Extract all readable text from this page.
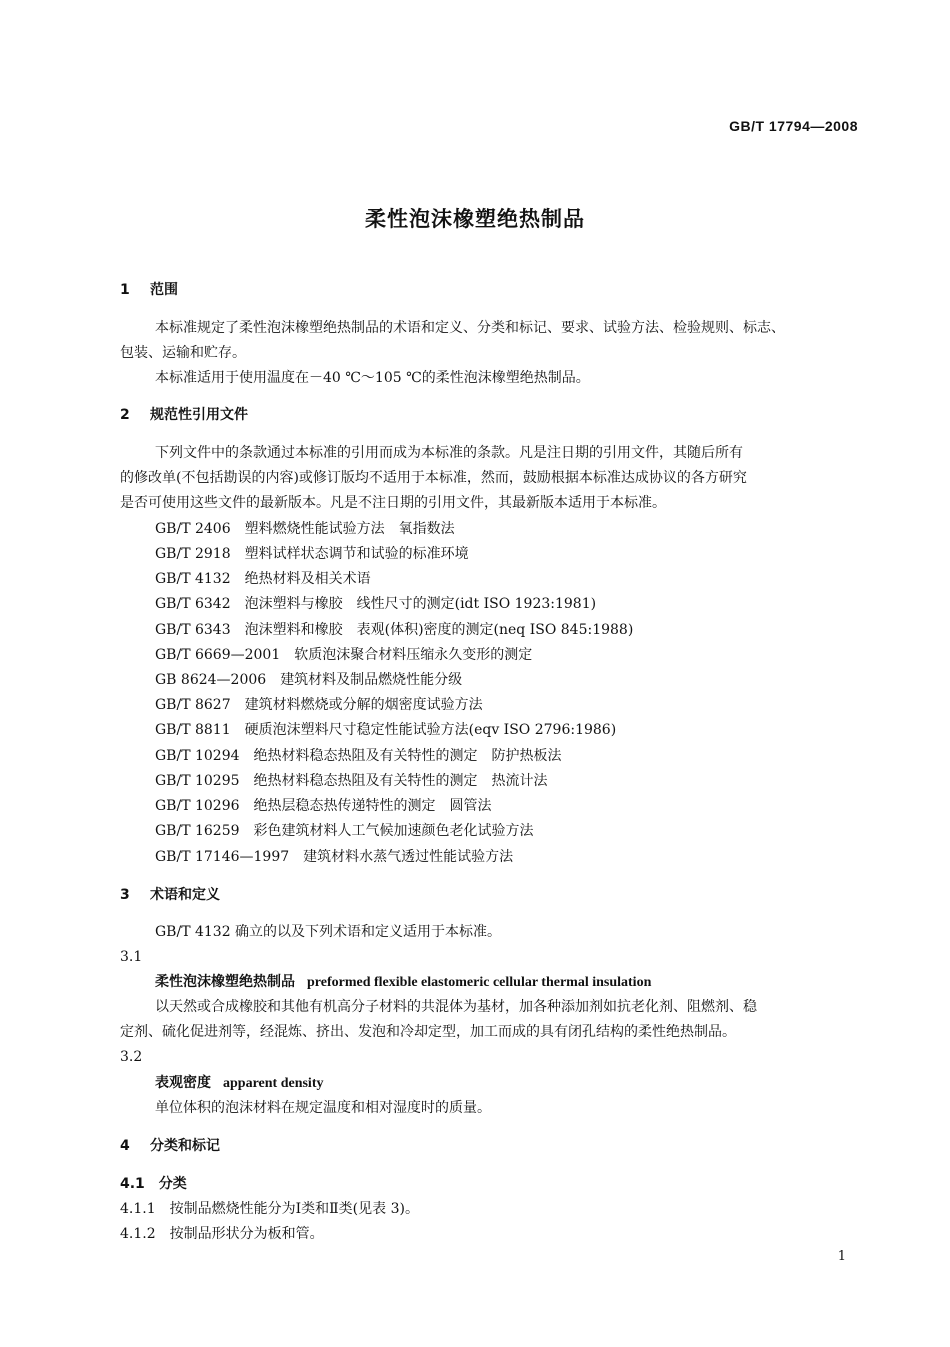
GB/T 17794—2008
柔性泡沫橡塑绝热制品
1 范围
本标准规定了柔性泡沫橡塑绝热制品的术语和定义、分类和标记、要求、试验方法、检验规则、标志、
包装、运输和贮存。
本标准适用于使用温度在－40 ℃～105 ℃的柔性泡沫橡塑绝热制品。
2 规范性引用文件
下列文件中的条款通过本标准的引用而成为本标准的条款。凡是注日期的引用文件，其随后所有
的修改单(不包括勘误的内容)或修订版均不适用于本标准，然而，鼓励根据本标准达成协议的各方研究
是否可使用这些文件的最新版本。凡是不注日期的引用文件，其最新版本适用于本标准。
GB/T 2406 塑料燃烧性能试验方法　氧指数法
GB/T 2918 塑料试样状态调节和试验的标准环境
GB/T 4132 绝热材料及相关术语
GB/T 6342 泡沫塑料与橡胶　线性尺寸的测定(idt ISO 1923:1981)
GB/T 6343 泡沫塑料和橡胶　表观(体积)密度的测定(neq ISO 845:1988)
GB/T 6669—2001 软质泡沫聚合材料压缩永久变形的测定
GB 8624—2006 建筑材料及制品燃烧性能分级
GB/T 8627 建筑材料燃烧或分解的烟密度试验方法
GB/T 8811 硬质泡沫塑料尺寸稳定性能试验方法(eqv ISO 2796:1986)
GB/T 10294 绝热材料稳态热阻及有关特性的测定　防护热板法
GB/T 10295 绝热材料稳态热阻及有关特性的测定　热流计法
GB/T 10296 绝热层稳态热传递特性的测定　圆管法
GB/T 16259 彩色建筑材料人工气候加速颜色老化试验方法
GB/T 17146—1997 建筑材料水蒸气透过性能试验方法
3 术语和定义
GB/T 4132 确立的以及下列术语和定义适用于本标准。
3.1
柔性泡沫橡塑绝热制品 preformed flexible elastomeric cellular thermal insulation
以天然或合成橡胶和其他有机高分子材料的共混体为基材，加各种添加剂如抗老化剂、阻燃剂、稳
定剂、硫化促进剂等，经混炼、挤出、发泡和冷却定型，加工而成的具有闭孔结构的柔性绝热制品。
3.2
表观密度 apparent density
单位体积的泡沫材料在规定温度和相对湿度时的质量。
4 分类和标记
4.1　分类
4.1.1　按制品燃烧性能分为Ⅰ类和Ⅱ类(见表 3)。
4.1.2　按制品形状分为板和管。
1
